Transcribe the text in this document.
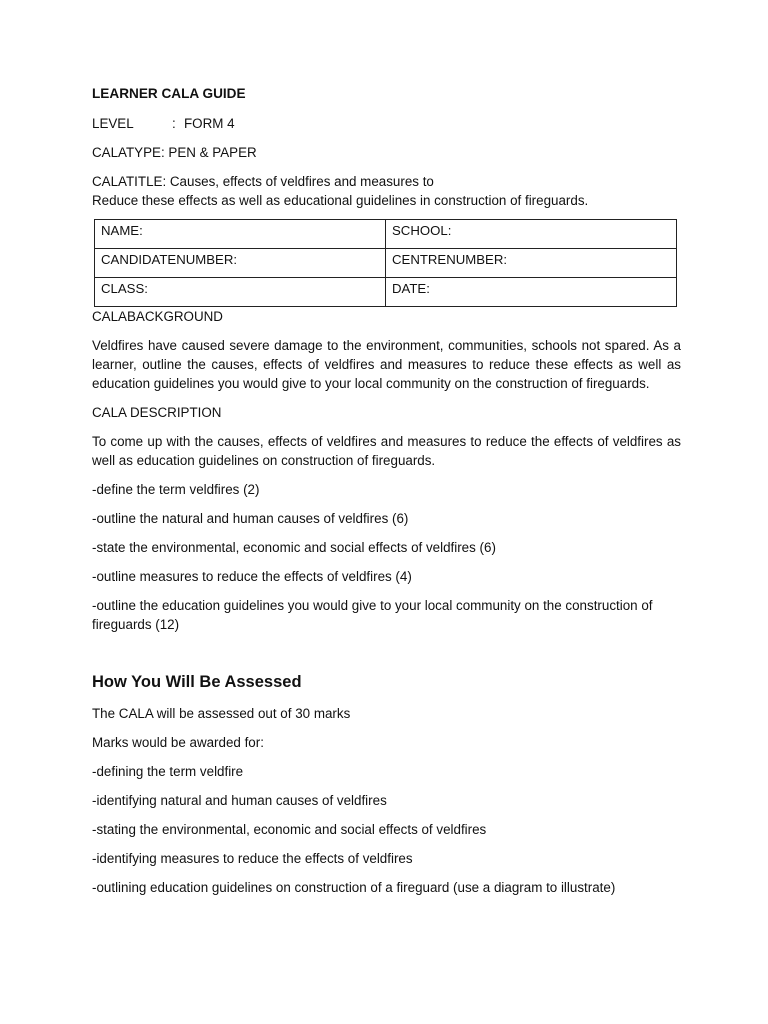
LEARNER CALA GUIDE

LEVEL	: FORM 4

CALATYPE: PEN & PAPER

CALATITLE: Causes, effects of veldfires and measures to
Reduce these effects as well as educational guidelines in construction of fireguards.
NAME:	SCHOOL:
CANDIDATENUMBER:	CENTRENUMBER:
CLASS:	DATE:

CALABACKGROUND

Veldfires have caused severe damage to the environment, communities, schools not spared. As a learner, outline the causes, effects of veldfires and measures to reduce these effects as well as education guidelines you would give to your local community on the construction of fireguards.

CALA DESCRIPTION

To come up with the causes, effects of veldfires and measures to reduce the effects of veldfires as well as education guidelines on construction of fireguards.

-define the term veldfires (2)

-outline the natural and human causes of veldfires (6)

-state the environmental, economic and social effects of veldfires (6)

-outline measures to reduce the effects of veldfires (4)

-outline the education guidelines you would give to your local community on the construction of fireguards (12)

How You Will Be Assessed

The CALA will be assessed out of 30 marks

Marks would be awarded for:

-defining the term veldfire

-identifying natural and human causes of veldfires

-stating the environmental, economic and social effects of veldfires

-identifying measures to reduce the effects of veldfires

-outlining education guidelines on construction of a fireguard (use a diagram to illustrate)
